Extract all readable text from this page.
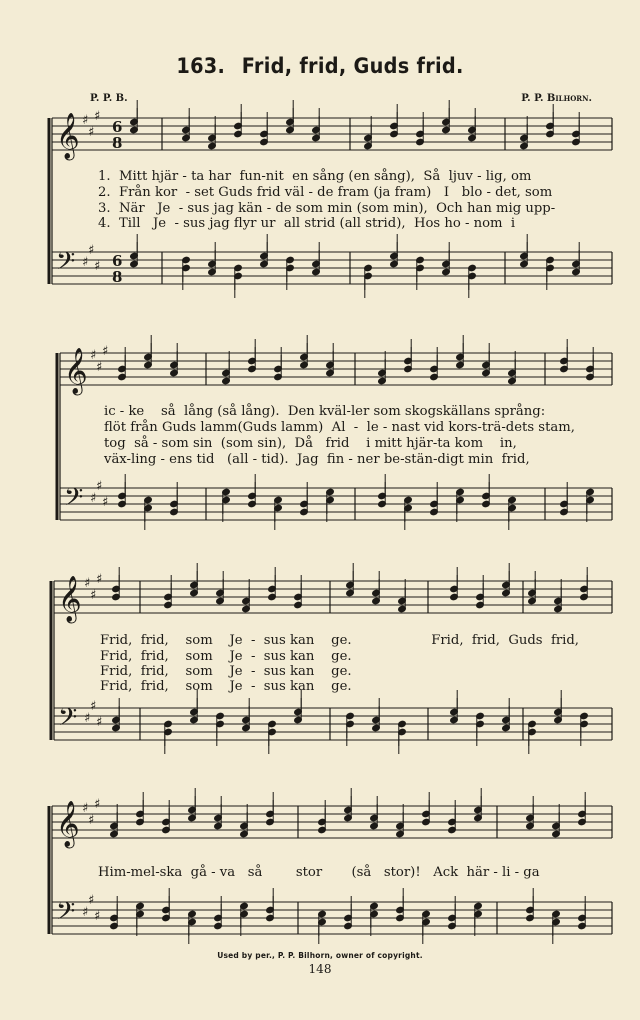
163. Frid, frid, Guds frid.
P. P. B.	P. P. Bilhorn.
𝄞
𝄢
♯
♯
♯
♯
♯
♯
6
8
6
8
𝄞
𝄢
♯
♯
♯
♯
♯
♯
𝄞
𝄢
♯
♯
♯
♯
♯
♯
𝄞
𝄢
♯
♯
♯
♯
♯
♯
1.  Mitt hjär - ta har  fun-nit  en sång (en sång),  Så  ljuv - lig, om
2.  Från kor  - set Guds frid väl - de fram (ja fram)   I   blo - det, som
3.  När   Je  - sus jag kän - de som min (som min),  Och han mig upp-
4.  Till   Je  - sus jag flyr ur  all strid (all strid),  Hos ho - nom  i
ic - ke    så  lång (så lång).  Den kväl-ler som skogskällans språng:
flöt från Guds lamm(Guds lamm)  Al  -  le - nast vid kors-trä-dets stam,
tog  så - som sin  (som sin),  Då   frid    i mitt hjär-ta kom    in,
väx-ling - ens tid   (all - tid).  Jag  fin - ner be-stän-digt min  frid,
Frid,  frid,    som    Je  -  sus kan    ge.                   Frid,  frid,  Guds  frid,
Frid,  frid,    som    Je  -  sus kan    ge.
Frid,  frid,    som    Je  -  sus kan    ge.
Frid,  frid,    som    Je  -  sus kan    ge.
Him-mel-ska  gå - va   så        stor       (så   stor)!   Ack  här - li - ga
Used by per., P. P. Bilhorn, owner of copyright.
148
